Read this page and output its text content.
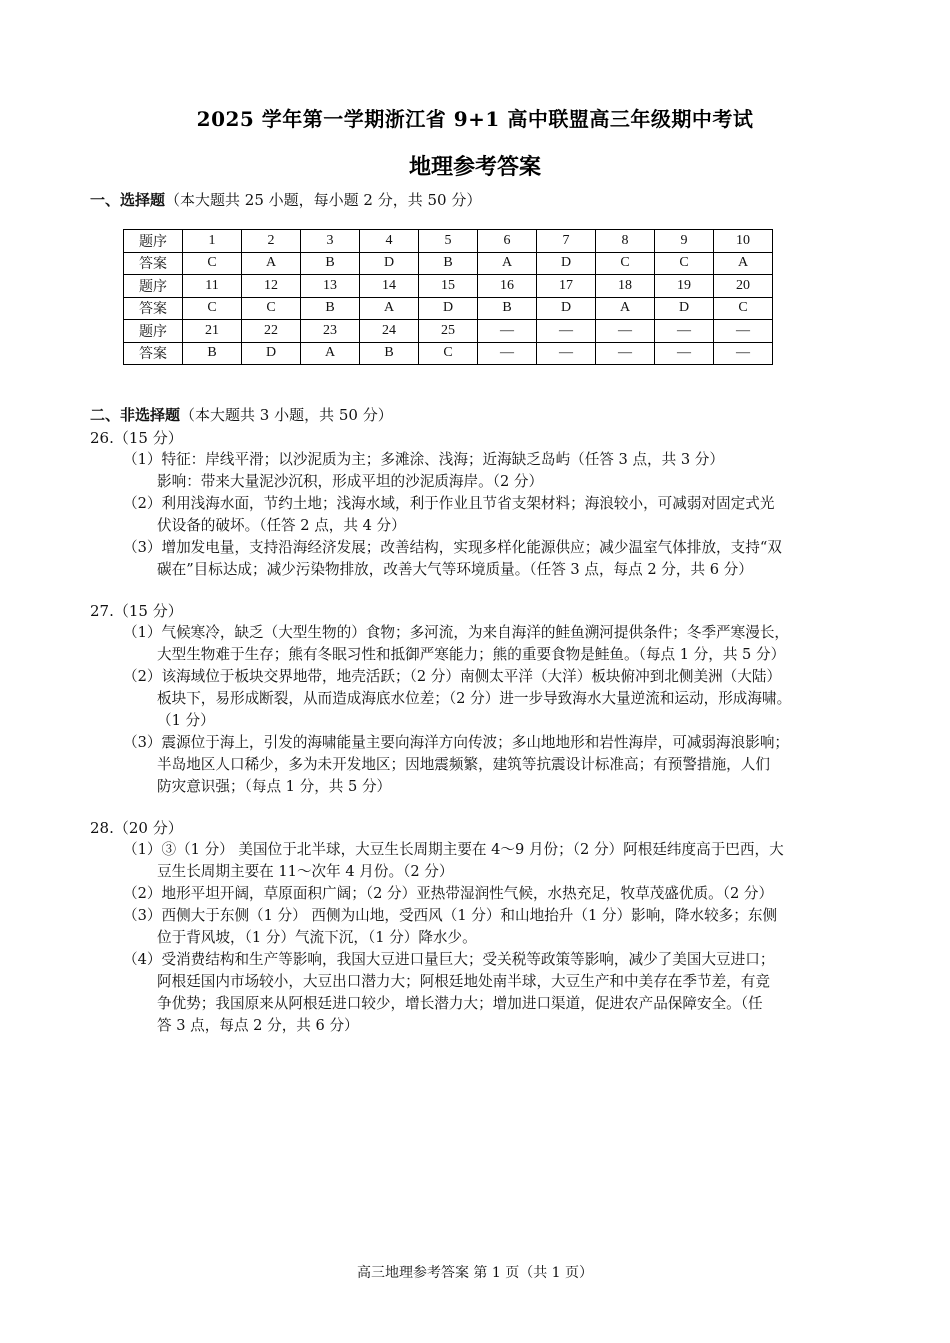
2025 学年第一学期浙江省 9+1 高中联盟高三年级期中考试
地理参考答案
一、选择题（本大题共 25 小题，每小题 2 分，共 50 分）
题序	1	2	3	4	5	6	7	8	9	10
答案	C	A	B	D	B	A	D	C	C	A
题序	11	12	13	14	15	16	17	18	19	20
答案	C	C	B	A	D	B	D	A	D	C
题序	21	22	23	24	25	—	—	—	—	—
答案	B	D	A	B	C	—	—	—	—	—
二、非选择题（本大题共 3 小题，共 50 分）
26.（15 分）
（1）特征：岸线平滑；以沙泥质为主；多滩涂、浅海；近海缺乏岛屿（任答 3 点，共 3 分）
影响：带来大量泥沙沉积，形成平坦的沙泥质海岸。（2 分）
（2）利用浅海水面，节约土地；浅海水域，利于作业且节省支架材料；海浪较小，可减弱对固定式光
伏设备的破坏。（任答 2 点，共 4 分）
（3）增加发电量，支持沿海经济发展；改善结构，实现多样化能源供应；减少温室气体排放，支持“双
碳在”目标达成；减少污染物排放，改善大气等环境质量。（任答 3 点，每点 2 分，共 6 分）
27.（15 分）
（1）气候寒冷，缺乏（大型生物的）食物；多河流，为来自海洋的鲑鱼溯河提供条件；冬季严寒漫长，
大型生物难于生存；熊有冬眠习性和抵御严寒能力；熊的重要食物是鲑鱼。（每点 1 分，共 5 分）
（2）该海域位于板块交界地带，地壳活跃；（2 分）南侧太平洋（大洋）板块俯冲到北侧美洲（大陆）
板块下，易形成断裂，从而造成海底水位差；（2 分）进一步导致海水大量逆流和运动，形成海啸。
（1 分）
（3）震源位于海上，引发的海啸能量主要向海洋方向传波；多山地地形和岩性海岸，可减弱海浪影响；
半岛地区人口稀少，多为未开发地区；因地震频繁，建筑等抗震设计标准高；有预警措施，人们
防灾意识强；（每点 1 分，共 5 分）
28.（20 分）
（1）③（1 分） 美国位于北半球，大豆生长周期主要在 4～9 月份；（2 分）阿根廷纬度高于巴西，大
豆生长周期主要在 11～次年 4 月份。（2 分）
（2）地形平坦开阔，草原面积广阔；（2 分）亚热带湿润性气候，水热充足，牧草茂盛优质。（2 分）
（3）西侧大于东侧（1 分） 西侧为山地，受西风（1 分）和山地抬升（1 分）影响，降水较多；东侧
位于背风坡，（1 分）气流下沉，（1 分）降水少。
（4）受消费结构和生产等影响，我国大豆进口量巨大；受关税等政策等影响，减少了美国大豆进口；
阿根廷国内市场较小，大豆出口潜力大；阿根廷地处南半球，大豆生产和中美存在季节差，有竞
争优势；我国原来从阿根廷进口较少，增长潜力大；增加进口渠道，促进农产品保障安全。（任
答 3 点，每点 2 分，共 6 分）
高三地理参考答案 第 1 页（共 1 页）
